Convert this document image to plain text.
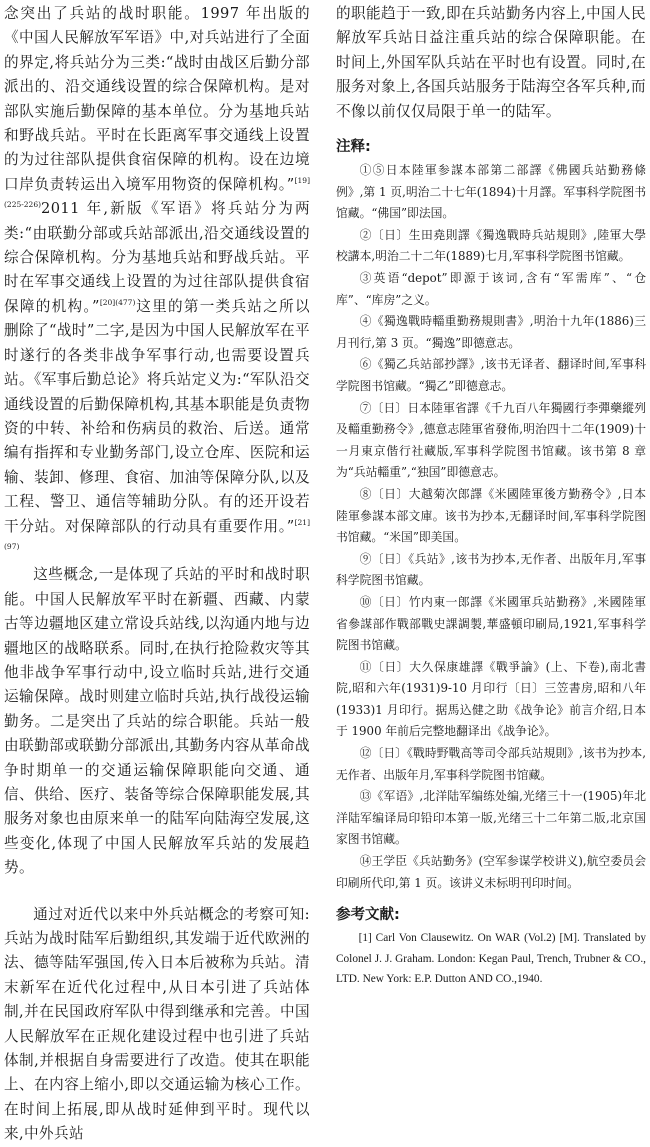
念突出了兵站的战时职能。1997 年出版的《中国人民解放军军语》中,对兵站进行了全面的界定,将兵站分为三类:“战时由战区后勤分部派出的、沿交通线设置的综合保障机构。是对部队实施后勤保障的基本单位。分为基地兵站和野战兵站。平时在长距离军事交通线上设置的为过往部队提供食宿保障的机构。设在边境口岸负责转运出入境军用物资的保障机构。”$^{[19](225-226)}$2011 年,新版《军语》将兵站分为两类:“由联勤分部或兵站部派出,沿交通线设置的综合保障机构。分为基地兵站和野战兵站。平时在军事交通线上设置的为过往部队提供食宿保障的机构。”$^{[20](477)}$这里的第一类兵站之所以删除了“战时”二字,是因为中国人民解放军在平时遂行的各类非战争军事行动,也需要设置兵站。《军事后勤总论》将兵站定义为:“军队沿交通线设置的后勤保障机构,其基本职能是负责物资的中转、补给和伤病员的救治、后送。通常编有指挥和专业勤务部门,设立仓库、医院和运输、装卸、修理、食宿、加油等保障分队,以及工程、警卫、通信等辅助分队。有的还开设若干分站。对保障部队的行动具有重要作用。”$^{[21](97)}$

这些概念,一是体现了兵站的平时和战时职能。中国人民解放军平时在新疆、西藏、内蒙古等边疆地区建立常设兵站线,以沟通内地与边疆地区的战略联系。同时,在执行抢险救灾等其他非战争军事行动中,设立临时兵站,进行交通运输保障。战时则建立临时兵站,执行战役运输勤务。二是突出了兵站的综合职能。兵站一般由联勤部或联勤分部派出,其勤务内容从革命战争时期单一的交通运输保障职能向交通、通信、供给、医疗、装备等综合保障职能发展,其服务对象也由原来单一的陆军向陆海空发展,这些变化,体现了中国人民解放军兵站的发展趋势。

通过对近代以来中外兵站概念的考察可知:兵站为战时陆军后勤组织,其发端于近代欧洲的法、德等陆军强国,传入日本后被称为兵站。清末新军在近代化过程中,从日本引进了兵站体制,并在民国政府军队中得到继承和完善。中国人民解放军在正规化建设过程中也引进了兵站体制,并根据自身需要进行了改造。使其在职能上、在内容上缩小,即以交通运输为核心工作。在时间上拓展,即从战时延伸到平时。现代以来,中外兵站

的职能趋于一致,即在兵站勤务内容上,中国人民解放军兵站日益注重兵站的综合保障职能。在时间上,外国军队兵站在平时也有设置。同时,在服务对象上,各国兵站服务于陆海空各军兵种,而不像以前仅仅局限于单一的陆军。

注释:

①⑤日本陸軍参謀本部第二部譯《佛國兵站勤務條例》,第 1 页,明治二十七年(1894)十月譯。军事科学院图书馆藏。“佛国”即法国。

②〔日〕生田堯則譯《獨逸戰時兵站規則》,陸軍大學校講本,明治二十二年(1889)七月,军事科学院图书馆藏。

③英语“depot”即源于该词,含有“军需库”、“仓库”、“库房”之义。

④《獨逸戰時輜重勤務規則書》,明治十九年(1886)三月刊行,第 3 页。“獨逸”即德意志。

⑥《獨乙兵站部抄譯》,该书无译者、翻译时间,军事科学院图书馆藏。“獨乙”即德意志。

⑦〔日〕日本陸軍省譯《千九百八年獨國行李彈藥縱列及輜重勤務令》,德意志陸軍省發佈,明治四十二年(1909)十一月東京偕行社藏版,军事科学院图书馆藏。该书第 8 章为“兵站輜重”,“独国”即德意志。

⑧〔日〕大越菊次郎譯《米國陸軍後方勤務令》,日本陸軍參謀本部文庫。该书为抄本,无翻译时间,军事科学院图书馆藏。“米国”即美国。

⑨〔日〕《兵站》,该书为抄本,无作者、出版年月,军事科学院图书馆藏。

⑩〔日〕竹内東一郎譯《米國軍兵站勤務》,米國陸軍省參謀部作戰部戰史課調製,華盛頓印刷局,1921,军事科学院图书馆藏。

⑪〔日〕大久保康雄譯《戰爭論》(上、下卷),南北書院,昭和六年(1931)9-10 月印行〔日〕三笠書房,昭和八年(1933)1 月印行。据馬込健之助《战争论》前言介绍,日本于 1900 年前后完整地翻译出《战争论》。

⑫〔日〕《戰時野戰高等司令部兵站規則》,该书为抄本,无作者、出版年月,军事科学院图书馆藏。

⑬《军语》,北洋陆军编练处编,光绪三十一(1905)年北洋陆军编译局印铅印本第一版,光绪三十二年第二版,北京国家图书馆藏。

⑭王学臣《兵站勤务》(空军参谋学校讲义),航空委员会印刷所代印,第 1 页。该讲义未标明刊印时间。

参考文献:

[1] Carl Von Clausewitz. On WAR (Vol.2) [M]. Translated by Colonel J. J. Graham. London: Kegan Paul, Trench, Trubner & CO., LTD. New York: E.P. Dutton AND CO.,1940.
